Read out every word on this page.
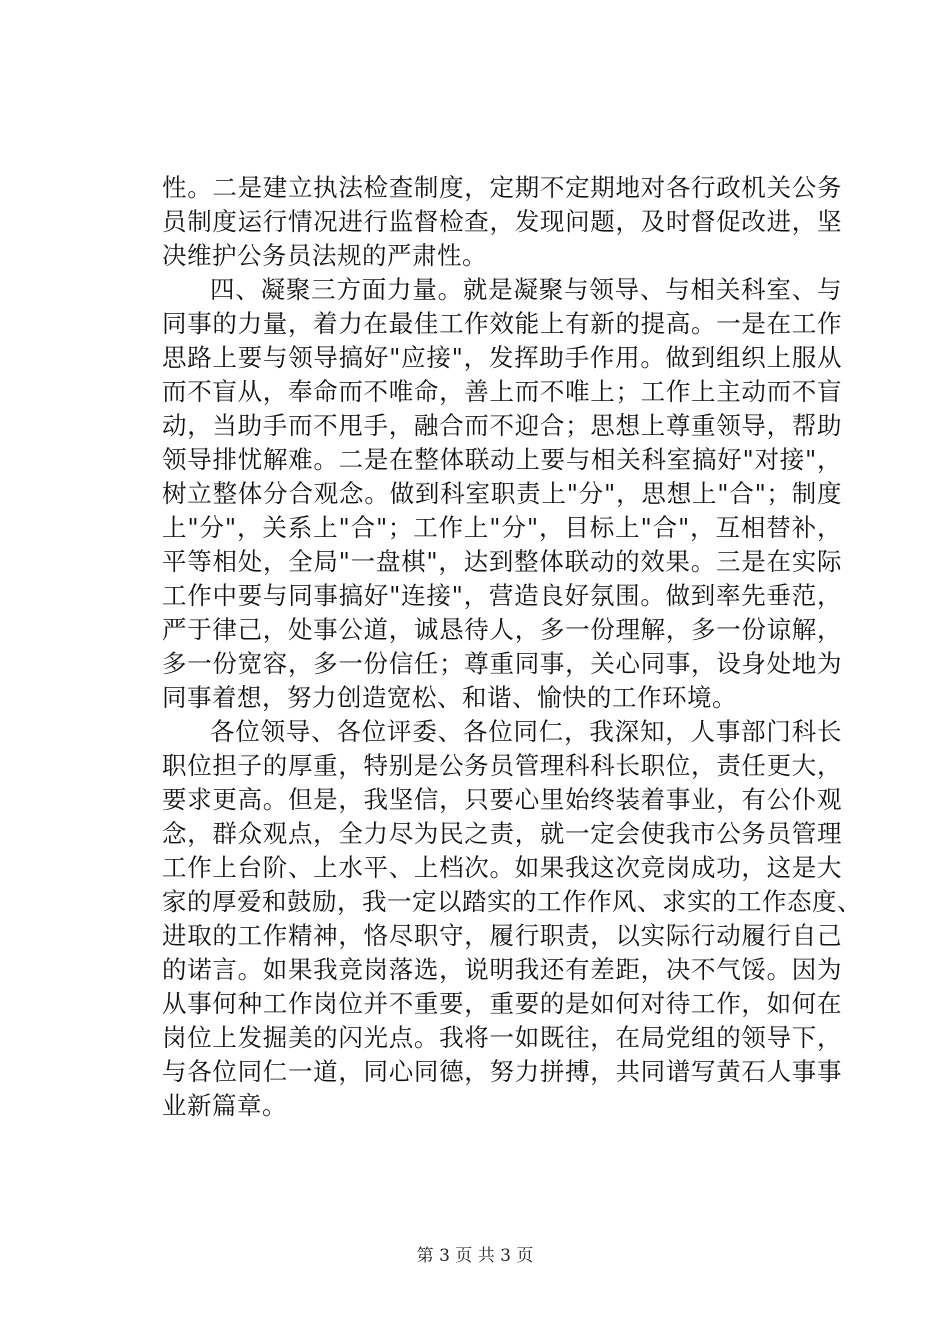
性。二是建立执法检查制度，定期不定期地对各行政机关公务
员制度运行情况进行监督检查，发现问题，及时督促改进，坚
决维护公务员法规的严肃性。
四、凝聚三方面力量。就是凝聚与领导、与相关科室、与
同事的力量，着力在最佳工作效能上有新的提高。一是在工作
思路上要与领导搞好"应接"，发挥助手作用。做到组织上服从
而不盲从，奉命而不唯命，善上而不唯上；工作上主动而不盲
动，当助手而不甩手，融合而不迎合；思想上尊重领导，帮助
领导排忧解难。二是在整体联动上要与相关科室搞好"对接"，
树立整体分合观念。做到科室职责上"分"，思想上"合"；制度
上"分"，关系上"合"；工作上"分"，目标上"合"，互相替补，
平等相处，全局"一盘棋"，达到整体联动的效果。三是在实际
工作中要与同事搞好"连接"，营造良好氛围。做到率先垂范，
严于律己，处事公道，诚恳待人，多一份理解，多一份谅解，
多一份宽容，多一份信任；尊重同事，关心同事，设身处地为
同事着想，努力创造宽松、和谐、愉快的工作环境。
各位领导、各位评委、各位同仁，我深知，人事部门科长
职位担子的厚重，特别是公务员管理科科长职位，责任更大，
要求更高。但是，我坚信，只要心里始终装着事业，有公仆观
念，群众观点，全力尽为民之责，就一定会使我市公务员管理
工作上台阶、上水平、上档次。如果我这次竞岗成功，这是大
家的厚爱和鼓励，我一定以踏实的工作作风、求实的工作态度、
进取的工作精神，恪尽职守，履行职责，以实际行动履行自己
的诺言。如果我竞岗落选，说明我还有差距，决不气馁。因为
从事何种工作岗位并不重要，重要的是如何对待工作，如何在
岗位上发掘美的闪光点。我将一如既往，在局党组的领导下，
与各位同仁一道，同心同德，努力拼搏，共同谱写黄石人事事
业新篇章。
第 3 页 共 3 页
